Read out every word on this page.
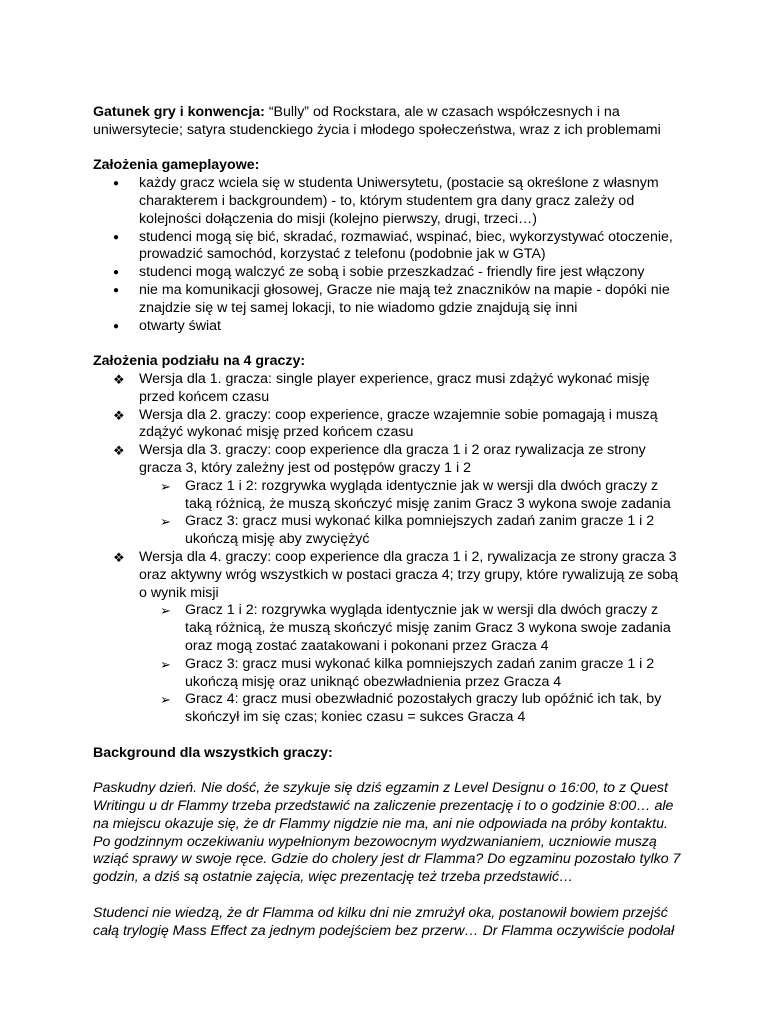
Gatunek gry i konwencja: “Bully” od Rockstara, ale w czasach współczesnych i na uniwersytecie; satyra studenckiego życia i młodego społeczeństwa, wraz z ich problemami

Założenia gameplayowe:

● każdy gracz wciela się w studenta Uniwersytetu, (postacie są określone z własnym charakterem i backgroundem) - to, którym studentem gra dany gracz zależy od kolejności dołączenia do misji (kolejno pierwszy, drugi, trzeci…)
● studenci mogą się bić, skradać, rozmawiać, wspinać, biec, wykorzystywać otoczenie, prowadzić samochód, korzystać z telefonu (podobnie jak w GTA)
● studenci mogą walczyć ze sobą i sobie przeszkadzać - friendly fire jest włączony
● nie ma komunikacji głosowej, Gracze nie mają też znaczników na mapie - dopóki nie znajdzie się w tej samej lokacji, to nie wiadomo gdzie znajdują się inni
● otwarty świat

Założenia podziału na 4 graczy:

❖ Wersja dla 1. gracza: single player experience, gracz musi zdążyć wykonać misję przed końcem czasu
❖ Wersja dla 2. graczy: coop experience, gracze wzajemnie sobie pomagają i muszą zdążyć wykonać misję przed końcem czasu
❖ Wersja dla 3. graczy: coop experience dla gracza 1 i 2 oraz rywalizacja ze strony gracza 3, który zależny jest od postępów graczy 1 i 2
➢ Gracz 1 i 2: rozgrywka wygląda identycznie jak w wersji dla dwóch graczy z taką różnicą, że muszą skończyć misję zanim Gracz 3 wykona swoje zadania
➢ Gracz 3: gracz musi wykonać kilka pomniejszych zadań zanim gracze 1 i 2 ukończą misję aby zwyciężyć
❖ Wersja dla 4. graczy: coop experience dla gracza 1 i 2, rywalizacja ze strony gracza 3 oraz aktywny wróg wszystkich w postaci gracza 4; trzy grupy, które rywalizują ze sobą o wynik misji
➢ Gracz 1 i 2: rozgrywka wygląda identycznie jak w wersji dla dwóch graczy z taką różnicą, że muszą skończyć misję zanim Gracz 3 wykona swoje zadania oraz mogą zostać zaatakowani i pokonani przez Gracza 4
➢ Gracz 3: gracz musi wykonać kilka pomniejszych zadań zanim gracze 1 i 2 ukończą misję oraz uniknąć obezwładnienia przez Gracza 4
➢ Gracz 4: gracz musi obezwładnić pozostałych graczy lub opóźnić ich tak, by skończył im się czas; koniec czasu = sukces Gracza 4

Background dla wszystkich graczy:

Paskudny dzień. Nie dość, że szykuje się dziś egzamin z Level Designu o 16:00, to z Quest Writingu u dr Flammy trzeba przedstawić na zaliczenie prezentację i to o godzinie 8:00… ale na miejscu okazuje się, że dr Flammy nigdzie nie ma, ani nie odpowiada na próby kontaktu. Po godzinnym oczekiwaniu wypełnionym bezowocnym wydzwanianiem, uczniowie muszą wziąć sprawy w swoje ręce. Gdzie do cholery jest dr Flamma? Do egzaminu pozostało tylko 7 godzin, a dziś są ostatnie zajęcia, więc prezentację też trzeba przedstawić…

Studenci nie wiedzą, że dr Flamma od kilku dni nie zmrużył oka, postanowił bowiem przejść całą trylogię Mass Effect za jednym podejściem bez przerw… Dr Flamma oczywiście podołał
